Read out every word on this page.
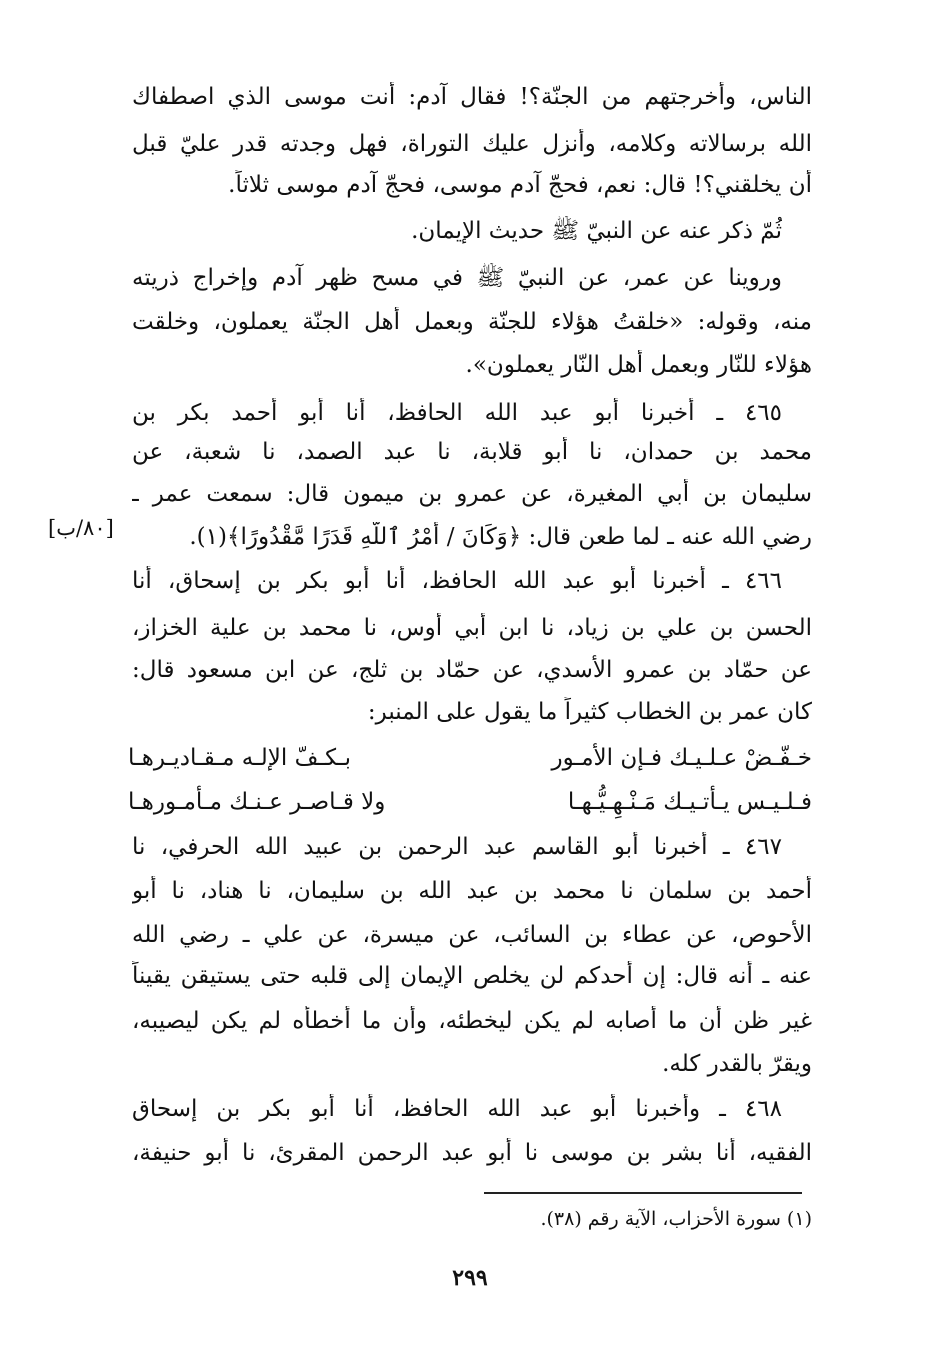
الناس، وأخرجتهم من الجنّة؟! فقال آدم: أنت موسى الذي اصطفاك
الله برسالاته وكلامه، وأنزل عليك التوراة، فهل وجدته قدر عليّ قبل
أن يخلقني؟! قال: نعم، فحجّ آدم موسى، فحجّ آدم موسى ثلاثاً.
ثُمّ ذكر عنه عن النبيّ ﷺ حديث الإيمان.
وروينا عن عمر، عن النبيّ ﷺ في مسح ظهر آدم وإخراج ذريته
منه، وقوله: «خلقتُ هؤلاء للجنّة وبعمل أهل الجنّة يعملون، وخلقت
هؤلاء للنّار وبعمل أهل النّار يعملون».
٤٦٥ ـ أخبرنا أبو عبد الله الحافظ، أنا أبو أحمد بكر بن
محمد بن حمدان، نا أبو قلابة، نا عبد الصمد، نا شعبة، عن
سليمان بن أبي المغيرة، عن عمرو بن ميمون قال: سمعت عمر ـ
رضي الله عنه ـ لما طعن قال: ﴿وَكَانَ / أَمْرُ ٱللَّهِ قَدَرًا مَّقْدُورًا﴾(١).
[٨٠/ب]
٤٦٦ ـ أخبرنا أبو عبد الله الحافظ، أنا أبو بكر بن إسحاق، أنا
الحسن بن علي بن زياد، نا ابن أبي أوس، نا محمد بن علية الخزاز،
عن حمّاد بن عمرو الأسدي، عن حمّاد بن ثلج، عن ابن مسعود قال:
كان عمر بن الخطاب كثيراً ما يقول على المنبر:
خـفّـضْ عـلـيـك فـإن الأمـور
بـكـفّ الإلـه مـقـاديـرهـا
فـلـيـس يـأتـيـك مَـنْـهِـيُّـهـا
ولا قـاصـر عـنـك مـأمـورهـا
٤٦٧ ـ أخبرنا أبو القاسم عبد الرحمن بن عبيد الله الحرفي، نا
أحمد بن سلمان نا محمد بن عبد الله بن سليمان، نا هناد، نا أبو
الأحوص، عن عطاء بن السائب، عن ميسرة، عن علي ـ رضي الله
عنه ـ أنه قال: إن أحدكم لن يخلص الإيمان إلى قلبه حتى يستيقن يقيناً
غير ظن أن ما أصابه لم يكن ليخطئه، وأن ما أخطأه لم يكن ليصيبه،
ويقرّ بالقدر كله.
٤٦٨ ـ وأخبرنا أبو عبد الله الحافظ، أنا أبو بكر بن إسحاق
الفقيه، أنا بشر بن موسى نا أبو عبد الرحمن المقرئ، نا أبو حنيفة،
(١) سورة الأحزاب، الآية رقم (٣٨).
٢٩٩
